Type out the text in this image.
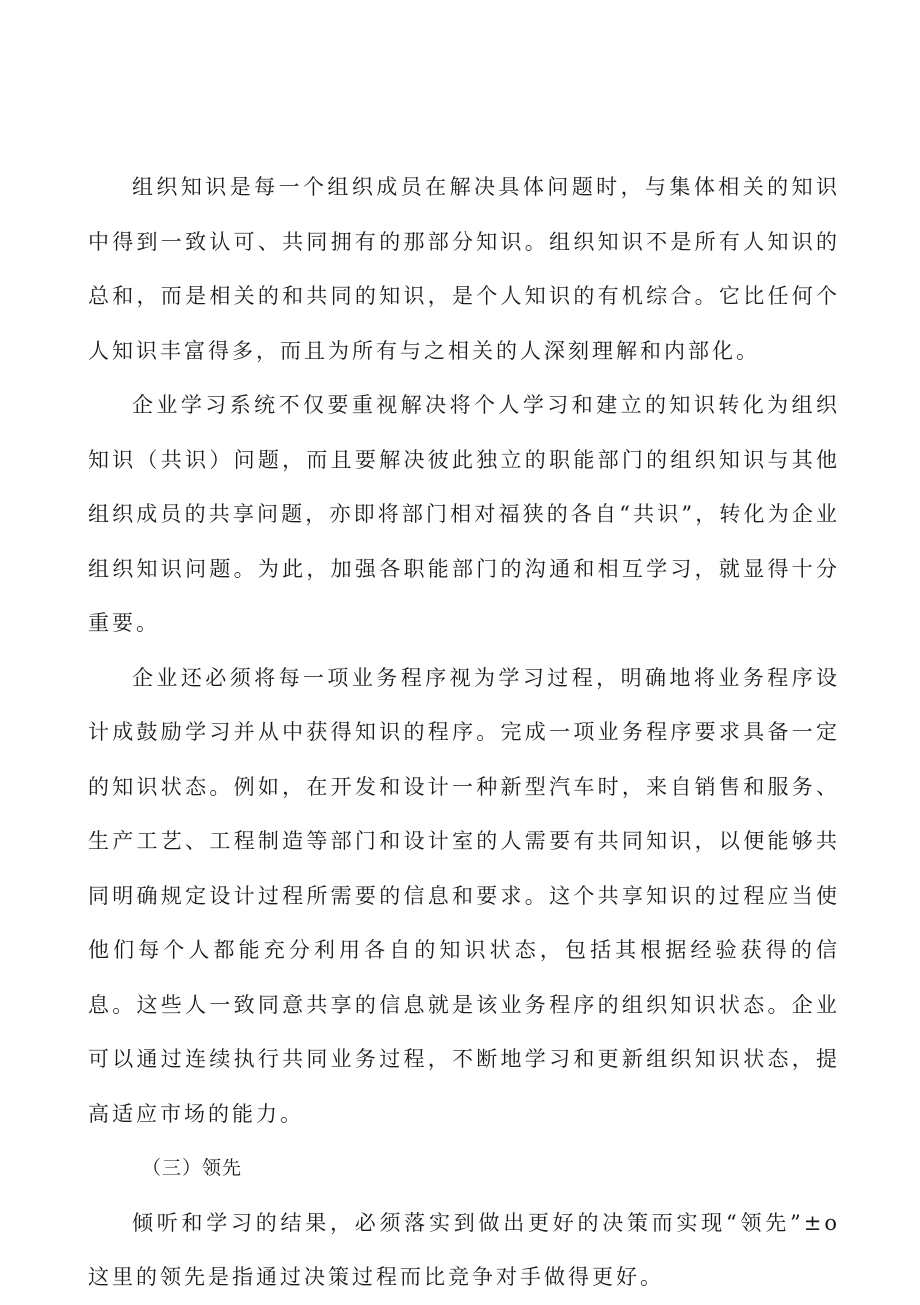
组织知识是每一个组织成员在解决具体问题时，与集体相关的知识中得到一致认可、共同拥有的那部分知识。组织知识不是所有人知识的总和，而是相关的和共同的知识，是个人知识的有机综合。它比任何个人知识丰富得多，而且为所有与之相关的人深刻理解和内部化。

企业学习系统不仅要重视解决将个人学习和建立的知识转化为组织知识（共识）问题，而且要解决彼此独立的职能部门的组织知识与其他组织成员的共享问题，亦即将部门相对福狭的各自“共识”，转化为企业组织知识问题。为此，加强各职能部门的沟通和相互学习，就显得十分重要。

企业还必须将每一项业务程序视为学习过程，明确地将业务程序设计成鼓励学习并从中获得知识的程序。完成一项业务程序要求具备一定的知识状态。例如，在开发和设计一种新型汽车时，来自销售和服务、生产工艺、工程制造等部门和设计室的人需要有共同知识，以便能够共同明确规定设计过程所需要的信息和要求。这个共享知识的过程应当使他们每个人都能充分利用各自的知识状态，包括其根据经验获得的信息。这些人一致同意共享的信息就是该业务程序的组织知识状态。企业可以通过连续执行共同业务过程，不断地学习和更新组织知识状态，提高适应市场的能力。

（三）领先

倾听和学习的结果，必须落实到做出更好的决策而实现“领先”±o这里的领先是指通过决策过程而比竞争对手做得更好。
